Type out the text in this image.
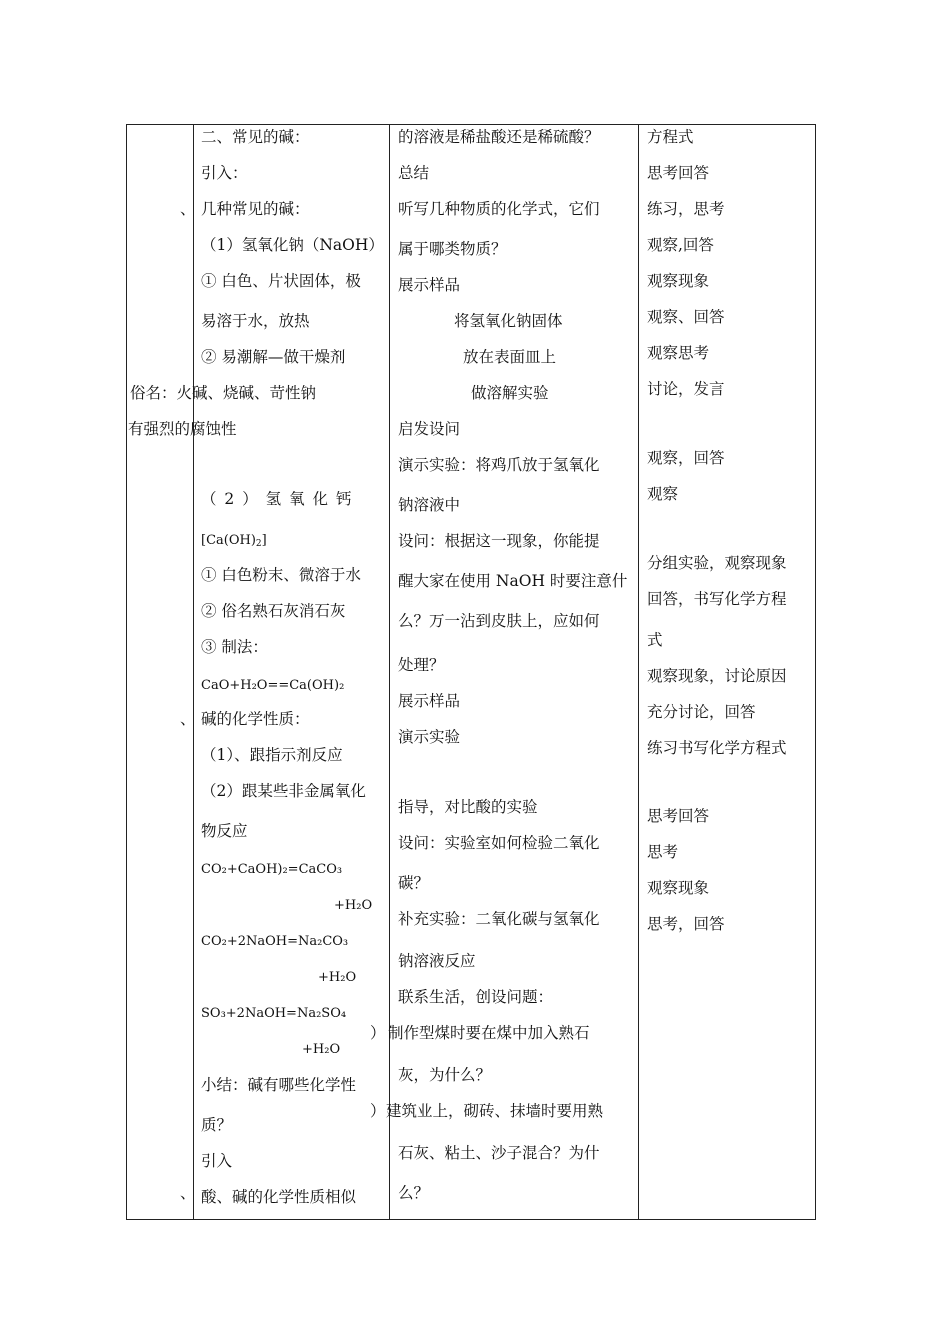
、
俗名：火碱、烧碱、苛性钠
有强烈的腐蚀性
、
、
二、常见的碱：
引入：
几种常见的碱：
（1）氢氧化钠（NaOH）
① 白色、片状固体，极
易溶于水，放热
② 易潮解—做干燥剂
（ 2 ） 氢 氧 化 钙
$[Ca(OH)_2]$
① 白色粉末、微溶于水
② 俗名熟石灰消石灰
③ 制法：
CaO+H₂O==Ca(OH)₂
碱的化学性质：
（1）、跟指示剂反应
（2）跟某些非金属氧化
物反应
CO₂+CaOH)₂=CaCO₃
+H₂O
CO₂+2NaOH=Na₂CO₃
+H₂O
SO₃+2NaOH=Na₂SO₄
+H₂O
小结：碱有哪些化学性
质？
引入
酸、碱的化学性质相似
的溶液是稀盐酸还是稀硫酸？
总结
听写几种物质的化学式，它们
属于哪类物质？
展示样品
将氢氧化钠固体
放在表面皿上
做溶解实验
启发设问
演示实验：将鸡爪放于氢氧化
钠溶液中
设问：根据这一现象，你能提
醒大家在使用 NaOH 时要注意什
么？万一沾到皮肤上，应如何
处理？
展示样品
演示实验
指导，对比酸的实验
设问：实验室如何检验二氧化
碳？
补充实验：二氧化碳与氢氧化
钠溶液反应
联系生活，创设问题：
） 制作型煤时要在煤中加入熟石
灰，为什么？
） 建筑业上，砌砖、抹墙时要用熟
石灰、粘土、沙子混合？为什
么？
方程式
思考回答
练习，思考
观察,回答
观察现象
观察、回答
观察思考
讨论，发言
观察，回答
观察
分组实验，观察现象
回答，书写化学方程
式
观察现象，讨论原因
充分讨论，回答
练习书写化学方程式
思考回答
思考
观察现象
思考，回答
